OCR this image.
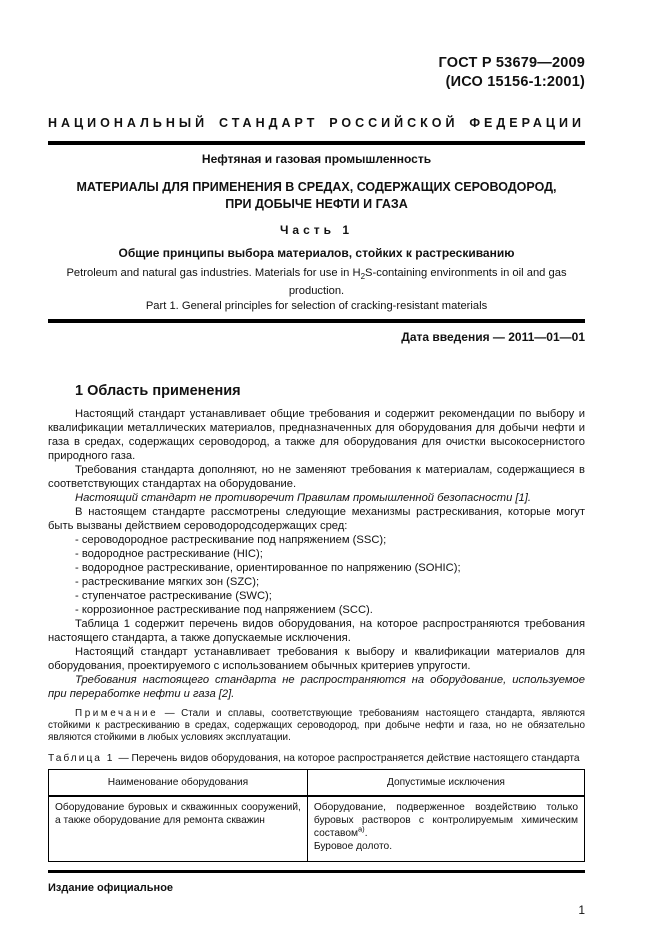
ГОСТ Р 53679—2009
(ИСО 15156-1:2001)
НАЦИОНАЛЬНЫЙ СТАНДАРТ РОССИЙСКОЙ ФЕДЕРАЦИИ
Нефтяная и газовая промышленность
МАТЕРИАЛЫ ДЛЯ ПРИМЕНЕНИЯ В СРЕДАХ, СОДЕРЖАЩИХ СЕРОВОДОРОД,
ПРИ ДОБЫЧЕ НЕФТИ И ГАЗА
Часть 1
Общие принципы выбора материалов, стойких к растрескиванию
Petroleum and natural gas industries. Materials for use in $H_2S$-containing environments in oil and gas production.
Part 1. General principles for selection of cracking-resistant materials
Дата введения — 2011—01—01
1 Область применения

Настоящий стандарт устанавливает общие требования и содержит рекомендации по выбору и квалификации металлических материалов, предназначенных для оборудования для добычи нефти и газа в средах, содержащих сероводород, а также для оборудования для очистки высокосернистого природного газа.

Требования стандарта дополняют, но не заменяют требования к материалам, содержащиеся в соответствующих стандартах на оборудование.

Настоящий стандарт не противоречит Правилам промышленной безопасности [1].

В настоящем стандарте рассмотрены следующие механизмы растрескивания, которые могут быть вызваны действием сероводородсодержащих сред:

- сероводородное растрескивание под напряжением (SSC);
- водородное растрескивание (HIC);
- водородное растрескивание, ориентированное по напряжению (SOHIC);
- растрескивание мягких зон (SZC);
- ступенчатое растрескивание (SWC);
- коррозионное растрескивание под напряжением (SCC).

Таблица 1 содержит перечень видов оборудования, на которое распространяются требования настоящего стандарта, а также допускаемые исключения.

Настоящий стандарт устанавливает требования к выбору и квалификации материалов для оборудования, проектируемого с использованием обычных критериев упругости.

Требования настоящего стандарта не распространяются на оборудование, используемое при переработке нефти и газа [2].

Примечание — Стали и сплавы, соответствующие требованиям настоящего стандарта, являются стойкими к растрескиванию в средах, содержащих сероводород, при добыче нефти и газа, но не обязательно являются стойкими в любых условиях эксплуатации.

Таблица 1 — Перечень видов оборудования, на которое распространяется действие настоящего стандарта

Наименование оборудования	Допустимые исключения
Оборудование буровых и скважинных сооружений, а также оборудование для ремонта скважин	Оборудование, подверженное воздействию только буровых растворов с контролируемым химическим составом$^{а)}$.
Буровое долото.
Издание официальное
1
